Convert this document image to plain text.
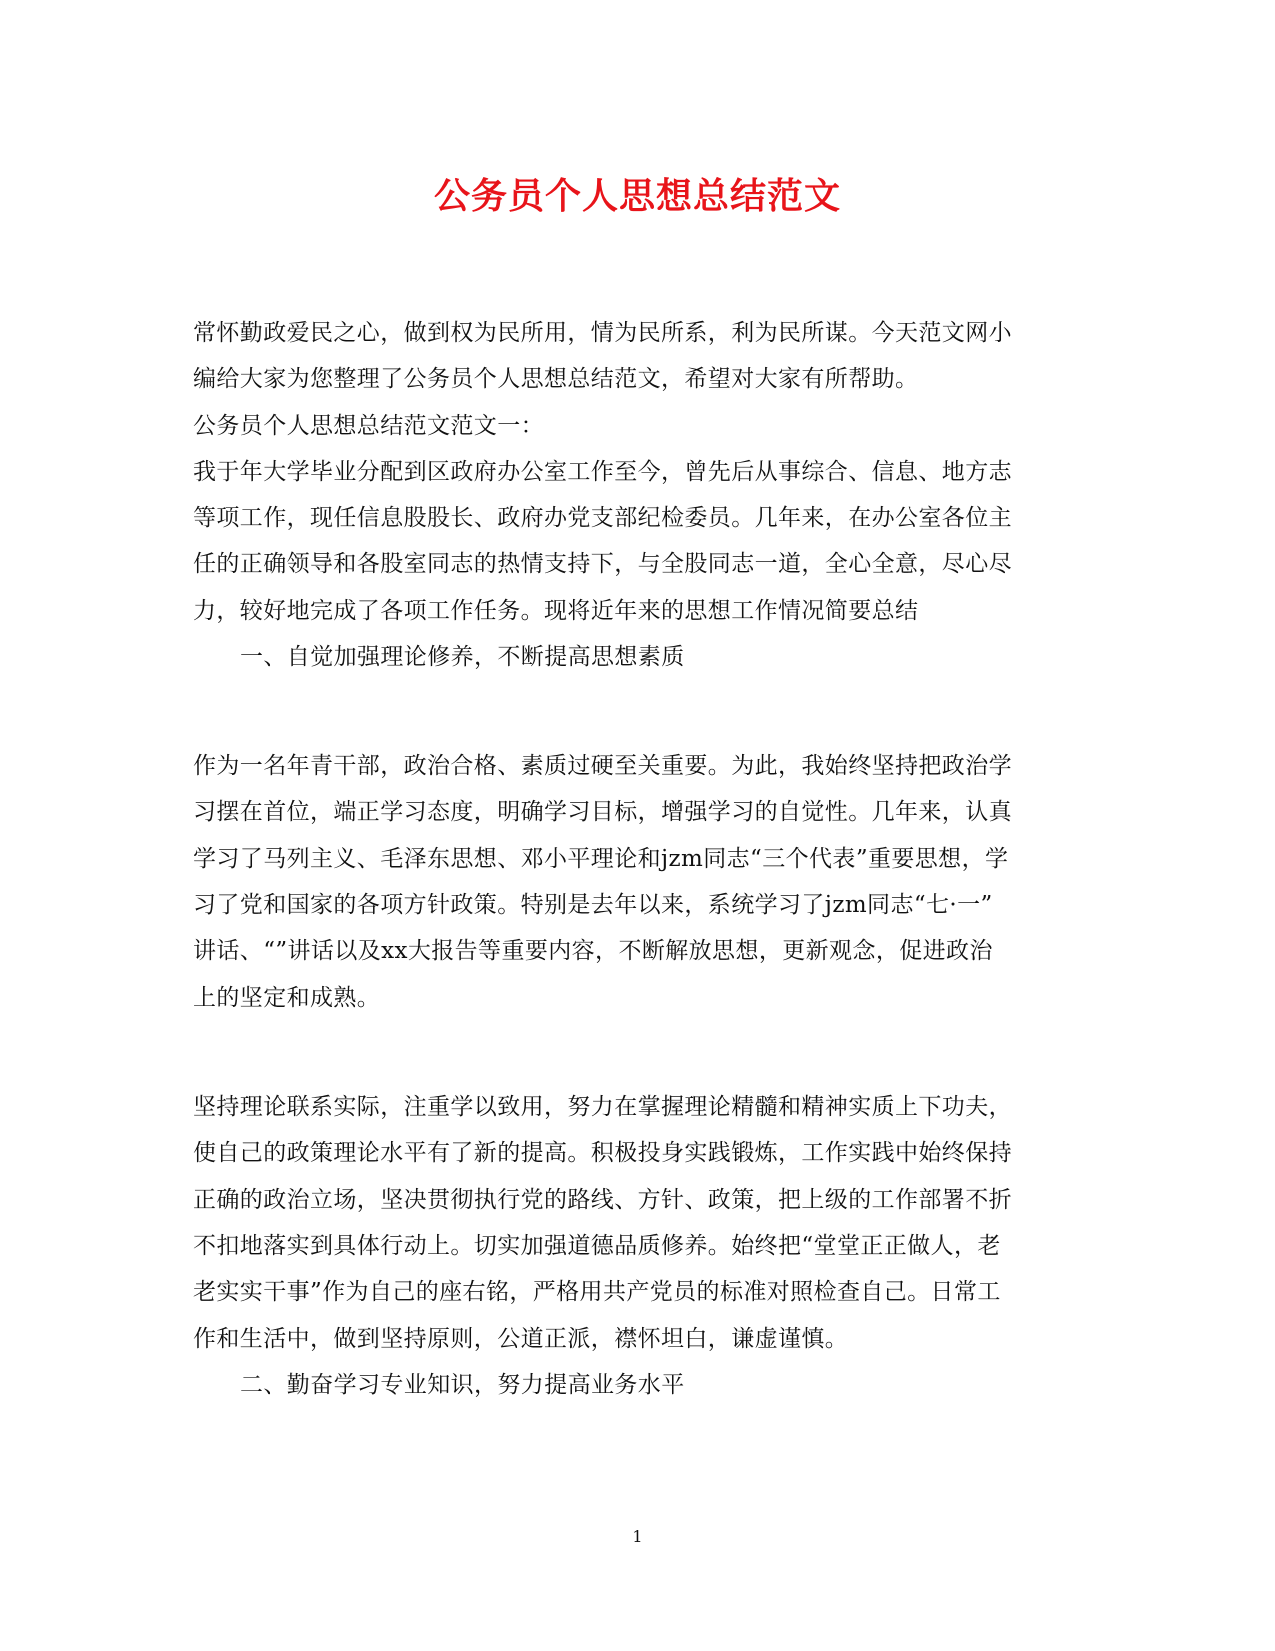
公务员个人思想总结范文
常怀勤政爱民之心，做到权为民所用，情为民所系，利为民所谋。今天范文网小
编给大家为您整理了公务员个人思想总结范文，希望对大家有所帮助。
公务员个人思想总结范文范文一：
我于年大学毕业分配到区政府办公室工作至今，曾先后从事综合、信息、地方志
等项工作，现任信息股股长、政府办党支部纪检委员。几年来，在办公室各位主
任的正确领导和各股室同志的热情支持下，与全股同志一道，全心全意，尽心尽
力，较好地完成了各项工作任务。现将近年来的思想工作情况简要总结
一、自觉加强理论修养，不断提高思想素质
作为一名年青干部，政治合格、素质过硬至关重要。为此，我始终坚持把政治学
习摆在首位，端正学习态度，明确学习目标，增强学习的自觉性。几年来，认真
学习了马列主义、毛泽东思想、邓小平理论和jzm同志“三个代表”重要思想，学
习了党和国家的各项方针政策。特别是去年以来，系统学习了jzm同志“七·一”
讲话、“”讲话以及xx大报告等重要内容，不断解放思想，更新观念，促进政治
上的坚定和成熟。
坚持理论联系实际，注重学以致用，努力在掌握理论精髓和精神实质上下功夫，
使自己的政策理论水平有了新的提高。积极投身实践锻炼，工作实践中始终保持
正确的政治立场，坚决贯彻执行党的路线、方针、政策，把上级的工作部署不折
不扣地落实到具体行动上。切实加强道德品质修养。始终把“堂堂正正做人，老
老实实干事”作为自己的座右铭，严格用共产党员的标准对照检查自己。日常工
作和生活中，做到坚持原则，公道正派，襟怀坦白，谦虚谨慎。
二、勤奋学习专业知识，努力提高业务水平
1
